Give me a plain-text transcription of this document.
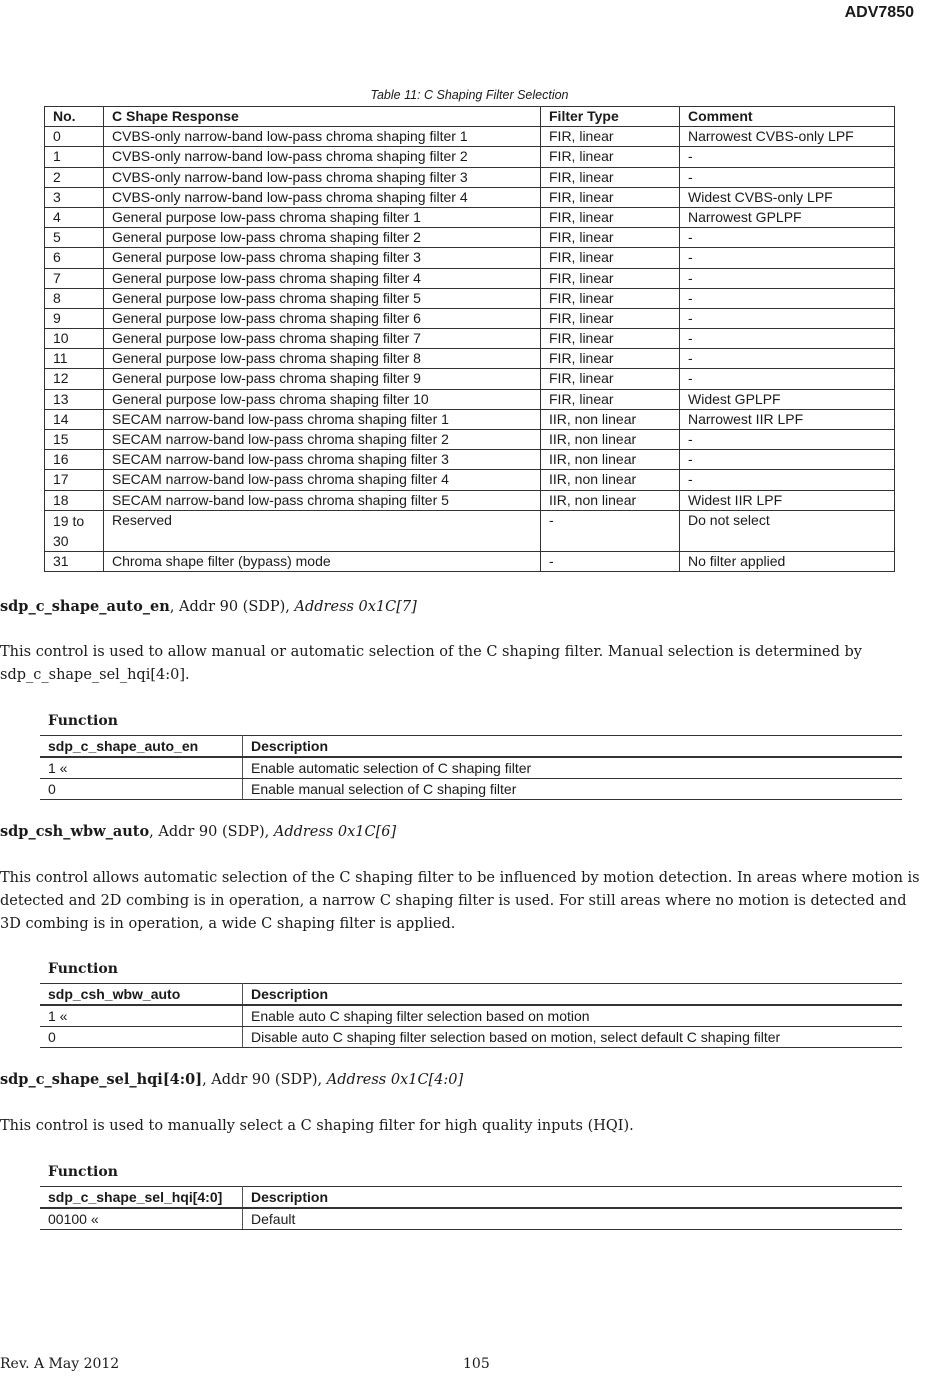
ADV7850
Table 11: C Shaping Filter Selection
No.	C Shape Response	Filter Type	Comment
0	CVBS-only narrow-band low-pass chroma shaping filter 1	FIR, linear	Narrowest CVBS-only LPF
1	CVBS-only narrow-band low-pass chroma shaping filter 2	FIR, linear	-
2	CVBS-only narrow-band low-pass chroma shaping filter 3	FIR, linear	-
3	CVBS-only narrow-band low-pass chroma shaping filter 4	FIR, linear	Widest CVBS-only LPF
4	General purpose low-pass chroma shaping filter 1	FIR, linear	Narrowest GPLPF
5	General purpose low-pass chroma shaping filter 2	FIR, linear	-
6	General purpose low-pass chroma shaping filter 3	FIR, linear	-
7	General purpose low-pass chroma shaping filter 4	FIR, linear	-
8	General purpose low-pass chroma shaping filter 5	FIR, linear	-
9	General purpose low-pass chroma shaping filter 6	FIR, linear	-
10	General purpose low-pass chroma shaping filter 7	FIR, linear	-
11	General purpose low-pass chroma shaping filter 8	FIR, linear	-
12	General purpose low-pass chroma shaping filter 9	FIR, linear	-
13	General purpose low-pass chroma shaping filter 10	FIR, linear	Widest GPLPF
14	SECAM narrow-band low-pass chroma shaping filter 1	IIR, non linear	Narrowest IIR LPF
15	SECAM narrow-band low-pass chroma shaping filter 2	IIR, non linear	-
16	SECAM narrow-band low-pass chroma shaping filter 3	IIR, non linear	-
17	SECAM narrow-band low-pass chroma shaping filter 4	IIR, non linear	-
18	SECAM narrow-band low-pass chroma shaping filter 5	IIR, non linear	Widest IIR LPF
19 to 30	Reserved	-	Do not select
31	Chroma shape filter (bypass) mode	-	No filter applied
sdp_c_shape_auto_en, Addr 90 (SDP), Address 0x1C[7]
This control is used to allow manual or automatic selection of the C shaping filter. Manual selection is determined by sdp_c_shape_sel_hqi[4:0].
Function
sdp_c_shape_auto_en	Description
1 «	Enable automatic selection of C shaping filter
0	Enable manual selection of C shaping filter
sdp_csh_wbw_auto, Addr 90 (SDP), Address 0x1C[6]
This control allows automatic selection of the C shaping filter to be influenced by motion detection. In areas where motion is detected and 2D combing is in operation, a narrow C shaping filter is used. For still areas where no motion is detected and 3D combing is in operation, a wide C shaping filter is applied.
Function
sdp_csh_wbw_auto	Description
1 «	Enable auto C shaping filter selection based on motion
0	Disable auto C shaping filter selection based on motion, select default C shaping filter
sdp_c_shape_sel_hqi[4:0], Addr 90 (SDP), Address 0x1C[4:0]
This control is used to manually select a C shaping filter for high quality inputs (HQI).
Function
sdp_c_shape_sel_hqi[4:0]	Description
00100 «	Default
Rev. A May 2012	105
